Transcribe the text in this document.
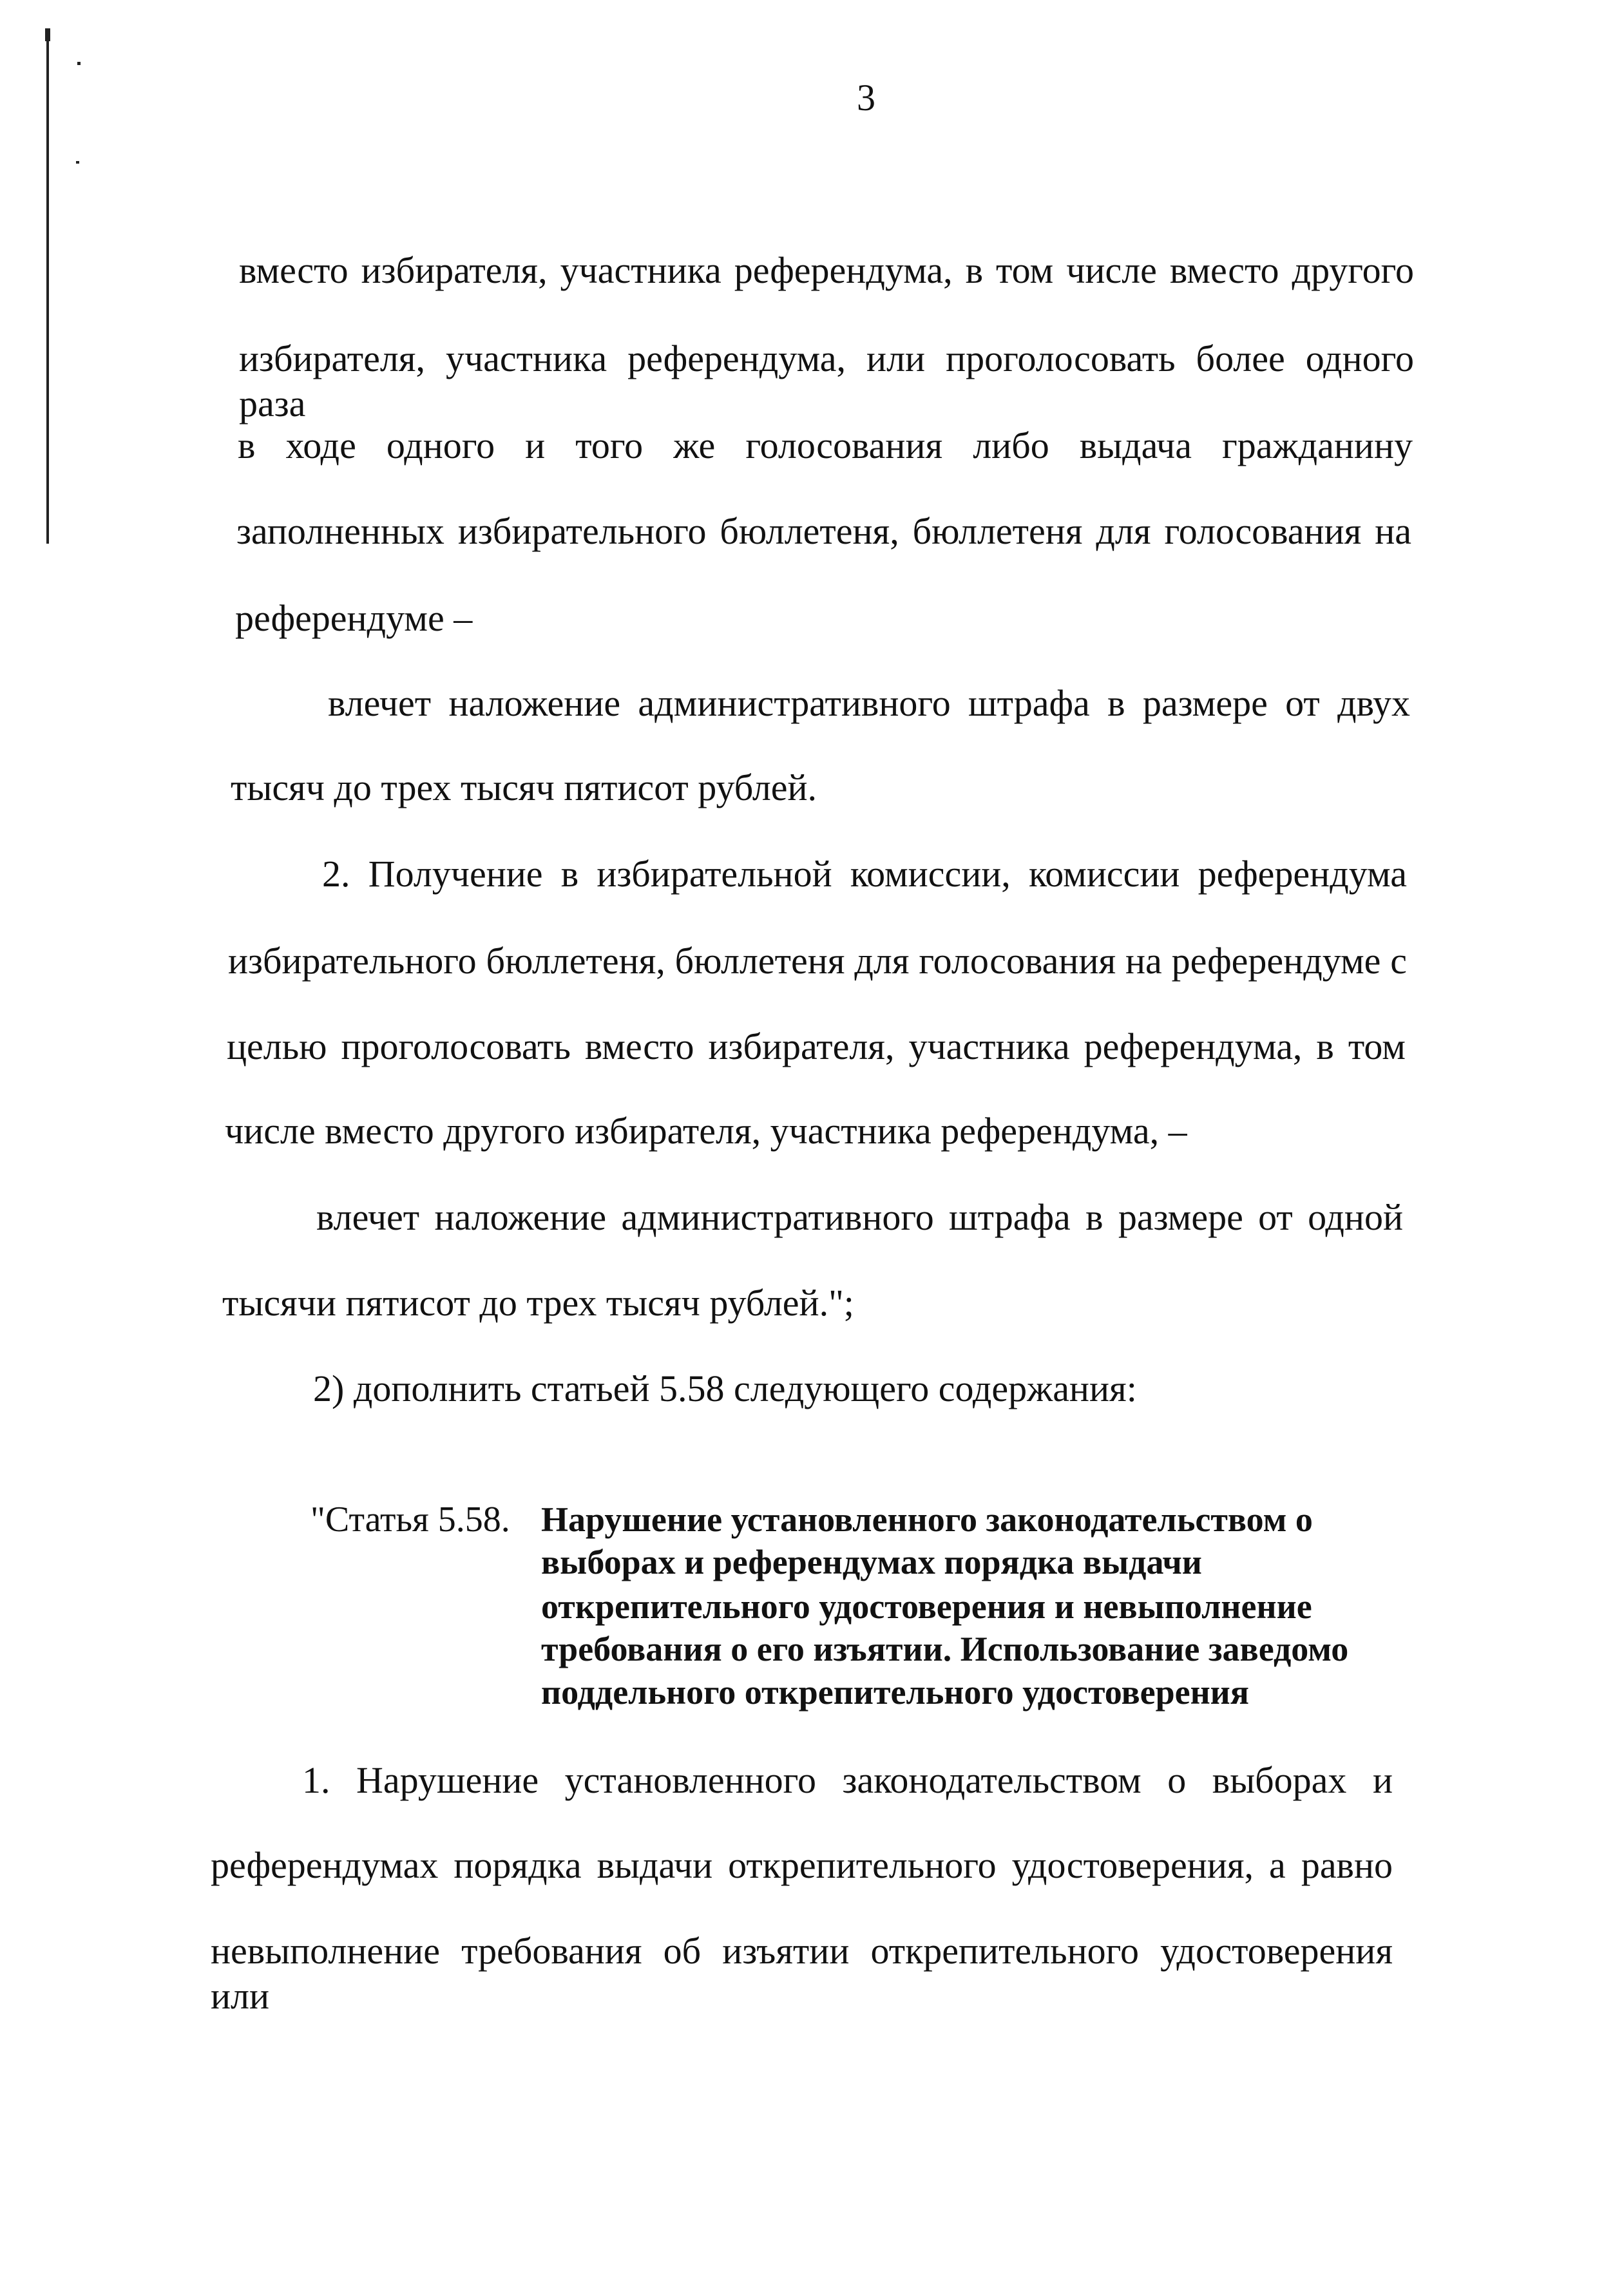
3
вместо избирателя, участника референдума, в том числе вместо другого
избирателя, участника референдума, или проголосовать более одного раза
в ходе одного и того же голосования либо выдача гражданину
заполненных избирательного бюллетеня, бюллетеня для голосования на
референдуме –
влечет наложение административного штрафа в размере от двух
тысяч до трех тысяч пятисот рублей.
2. Получение в избирательной комиссии, комиссии референдума
избирательного бюллетеня, бюллетеня для голосования на референдуме с
целью проголосовать вместо избирателя, участника референдума, в том
числе вместо другого избирателя, участника референдума, –
влечет наложение административного штрафа в размере от одной
тысячи пятисот до трех тысяч рублей.";
2) дополнить статьей 5.58 следующего содержания:
"Статья 5.58. Нарушение установленного законодательством о
выборах и референдумах порядка выдачи
открепительного удостоверения и невыполнение
требования о его изъятии. Использование заведомо
поддельного открепительного удостоверения
1. Нарушение установленного законодательством о выборах и
референдумах порядка выдачи открепительного удостоверения, а равно
невыполнение требования об изъятии открепительного удостоверения или
